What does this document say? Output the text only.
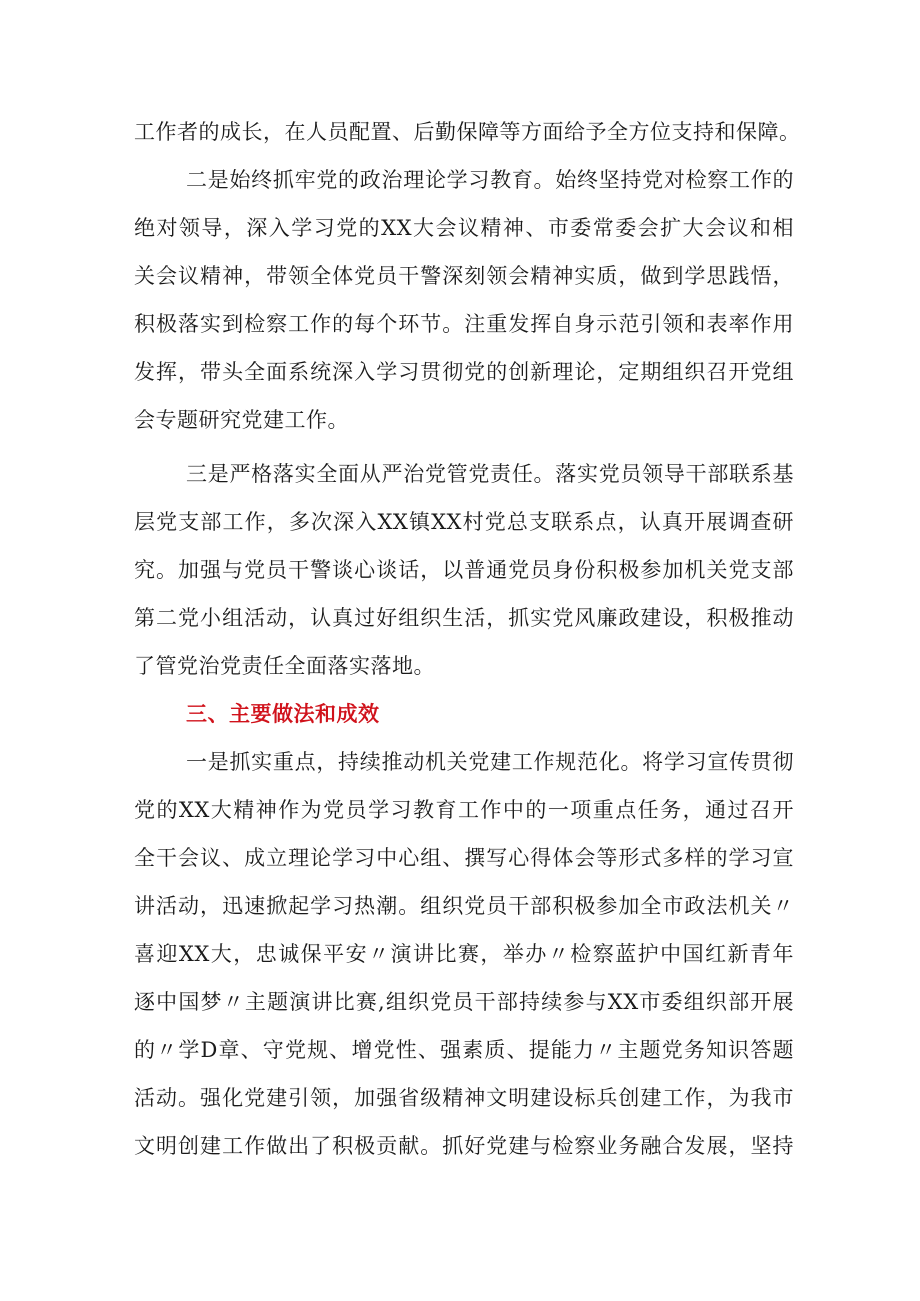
工作者的成长，在人员配置、后勤保障等方面给予全方位支持和保障。
二是始终抓牢党的政治理论学习教育。始终坚持党对检察工作的
绝对领导，深入学习党的XX大会议精神、市委常委会扩大会议和相
关会议精神，带领全体党员干警深刻领会精神实质，做到学思践悟，
积极落实到检察工作的每个环节。注重发挥自身示范引领和表率作用
发挥，带头全面系统深入学习贯彻党的创新理论，定期组织召开党组
会专题研究党建工作。
三是严格落实全面从严治党管党责任。落实党员领导干部联系基
层党支部工作，多次深入XX镇XX村党总支联系点，认真开展调查研
究。加强与党员干警谈心谈话，以普通党员身份积极参加机关党支部
第二党小组活动，认真过好组织生活，抓实党风廉政建设，积极推动
了管党治党责任全面落实落地。
三、主要做法和成效
一是抓实重点，持续推动机关党建工作规范化。将学习宣传贯彻
党的XX大精神作为党员学习教育工作中的一项重点任务，通过召开
全干会议、成立理论学习中心组、撰写心得体会等形式多样的学习宣
讲活动，迅速掀起学习热潮。组织党员干部积极参加全市政法机关〃
喜迎XX大，忠诚保平安〃演讲比赛，举办〃检察蓝护中国红新青年
逐中国梦〃主题演讲比赛,组织党员干部持续参与XX市委组织部开展
的〃学D章、守党规、增党性、强素质、提能力〃主题党务知识答题
活动。强化党建引领，加强省级精神文明建设标兵创建工作，为我市
文明创建工作做出了积极贡献。抓好党建与检察业务融合发展，坚持
